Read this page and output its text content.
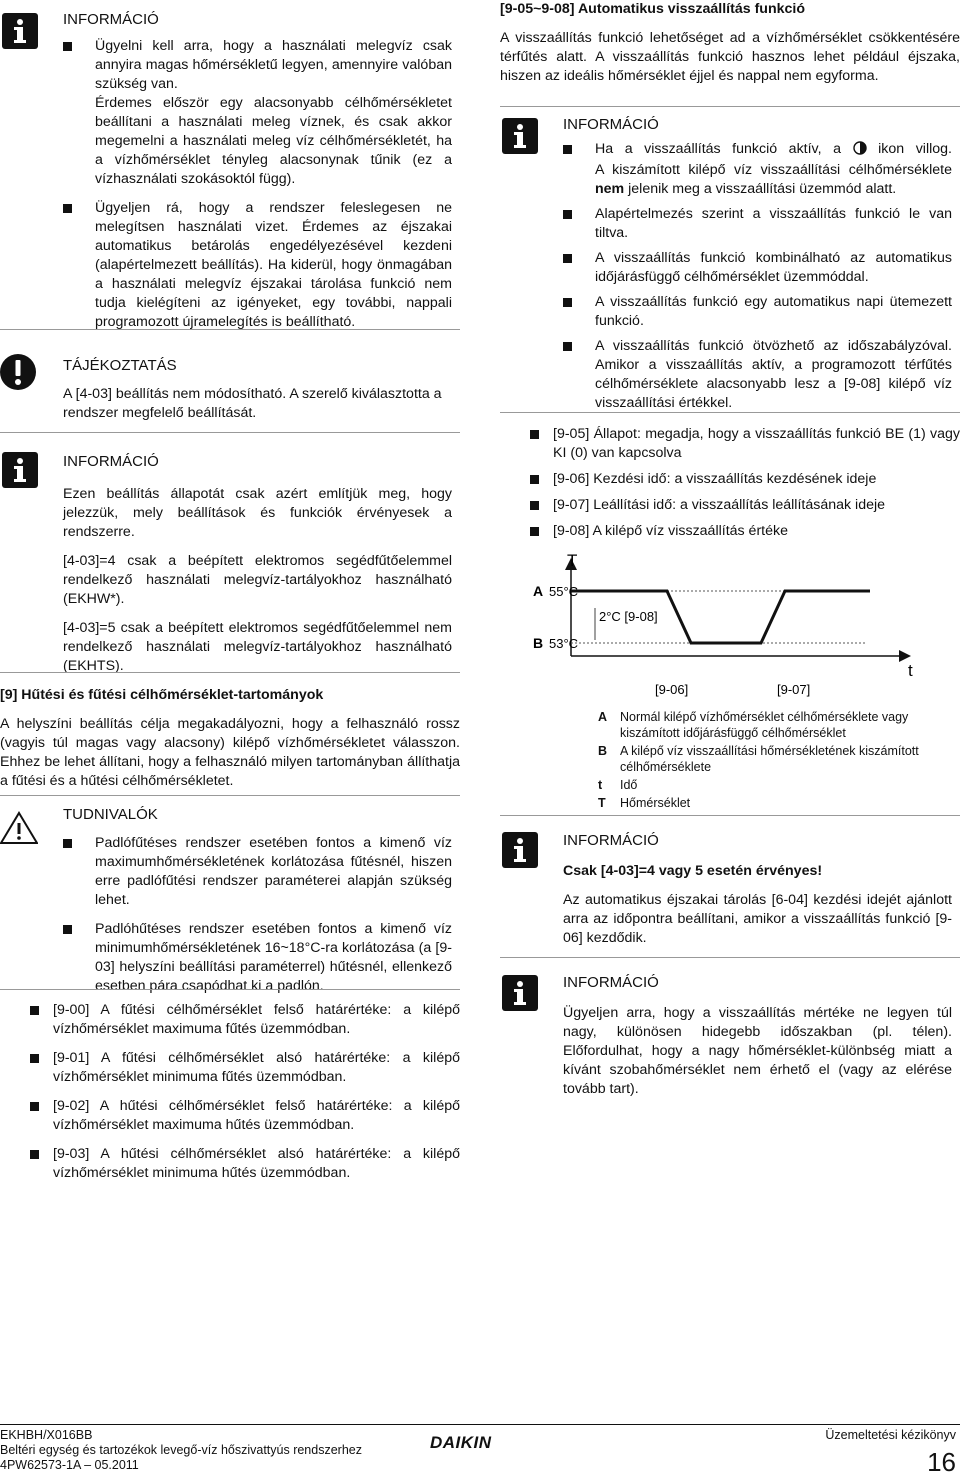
INFORMÁCIÓ

Ügyelni kell arra, hogy a használati melegvíz csak annyira magas hőmérsékletű legyen, amennyire valóban szükség van.

Érdemes először egy alacsonyabb célhőmérsékletet beállítani a használati meleg víznek, és csak akkor megemelni a használati meleg víz célhőmérsékletét, ha a vízhőmérséklet tényleg alacsonynak tűnik (ez a vízhasználati szokásoktól függ).

Ügyeljen rá, hogy a rendszer feleslegesen ne melegítsen használati vizet. Érdemes az éjszakai automatikus betárolás engedélyezésével kezdeni (alapértelmezett beállítás). Ha kiderül, hogy önmagában a használati melegvíz éjszakai tárolása funkció nem tudja kielégíteni az igényeket, egy további, nappali programozott újramelegítés is beállítható.

TÁJÉKOZTATÁS

A [4-03] beállítás nem módosítható. A szerelő kiválasztotta a rendszer megfelelő beállítását.

INFORMÁCIÓ

Ezen beállítás állapotát csak azért említjük meg, hogy jelezzük, mely beállítások és funkciók érvényesek a rendszerre.

[4-03]=4 csak a beépített elektromos segédfűtőelemmel rendelkező használati melegvíz-tartályokhoz használható (EKHW*).

[4-03]=5 csak a beépített elektromos segédfűtőelemmel nem rendelkező használati melegvíz-tartályokhoz használható (EKHTS).

[9] Hűtési és fűtési célhőmérséklet-tartományok

A helyszíni beállítás célja megakadályozni, hogy a felhasználó rossz (vagyis túl magas vagy alacsony) kilépő vízhőmérsékletet válasszon. Ehhez be lehet állítani, hogy a felhasználó milyen tartományban állíthatja a fűtési és a hűtési célhőmérsékletet.

TUDNIVALÓK

Padlófűtéses rendszer esetében fontos a kimenő víz maximumhőmérsékletének korlátozása fűtésnél, hiszen erre padlófűtési rendszer paraméterei alapján szükség lehet.

Padlóhűtéses rendszer esetében fontos a kimenő víz minimumhőmérsékletének 16~18°C-ra korlátozása (a [9-03] helyszíni beállítási paraméterrel) hűtésnél, ellenkező esetben pára csapódhat ki a padlón.

[9-00] A fűtési célhőmérséklet felső határértéke: a kilépő vízhőmérséklet maximuma fűtés üzemmódban.

[9-01] A fűtési célhőmérséklet alsó határértéke: a kilépő vízhőmérséklet minimuma fűtés üzemmódban.

[9-02] A hűtési célhőmérséklet felső határértéke: a kilépő vízhőmérséklet maximuma hűtés üzemmódban.

[9-03] A hűtési célhőmérséklet alsó határértéke: a kilépő vízhőmérséklet minimuma hűtés üzemmódban.

[9-05~9-08] Automatikus visszaállítás funkció

A visszaállítás funkció lehetőséget ad a vízhőmérséklet csökkentésére térfűtés alatt. A visszaállítás funkció hasznos lehet például éjszaka, hiszen az ideális hőmérséklet éjjel és nappal nem egyforma.

INFORMÁCIÓ

Ha a visszaállítás funkció aktív, a	ikon villog.

A kiszámított kilépő víz visszaállítási célhőmérséklete nem jelenik meg a visszaállítási üzemmód alatt.

Alapértelmezés szerint a visszaállítás funkció le van tiltva.

A visszaállítás funkció kombinálható az automatikus időjárásfüggő célhőmérséklet üzemmóddal.

A visszaállítás funkció egy automatikus napi ütemezett funkció.

A visszaállítás funkció ötvözhető az időszabályzóval. Amikor a visszaállítás aktív, a programozott térfűtés célhőmérséklete alacsonyabb lesz a [9-08] kilépő víz visszaállítási értékkel.

[9-05] Állapot: megadja, hogy a visszaállítás funkció BE (1) vagy KI (0) van kapcsolva

[9-06] Kezdési idő: a visszaállítás kezdésének ideje

[9-07] Leállítási idő: a visszaállítás leállításának ideje

[9-08] A kilépő víz visszaállítás értéke

T
t
A 55°C
B 53°C
2°C [9-08]
[9-06]	[9-07]
A Normál kilépő vízhőmérséklet célhőmérséklete vagy kiszámított időjárásfüggő célhőmérséklet
B A kilépő víz visszaállítási hőmérsékletének kiszámított célhőmérséklete
t Idő
T Hőmérséklet

INFORMÁCIÓ

Csak [4-03]=4 vagy 5 esetén érvényes!

Az automatikus éjszakai tárolás [6-04] kezdési idejét ajánlott arra az időpontra beállítani, amikor a visszaállítás funkció [9-06] kezdődik.

INFORMÁCIÓ

Ügyeljen arra, hogy a visszaállítás mértéke ne legyen túl nagy, különösen hidegebb időszakban (pl. télen). Előfordulhat, hogy a nagy hőmérséklet-különbség miatt a kívánt szobahőmérséklet nem érhető el (vagy az elérése tovább tart).

EKHBH/X016BB
Beltéri egység és tartozékok levegő-víz hőszivattyús rendszerhez
4PW62573-1A – 05.2011
DAIKIN	Üzemeltetési kézikönyv
16
